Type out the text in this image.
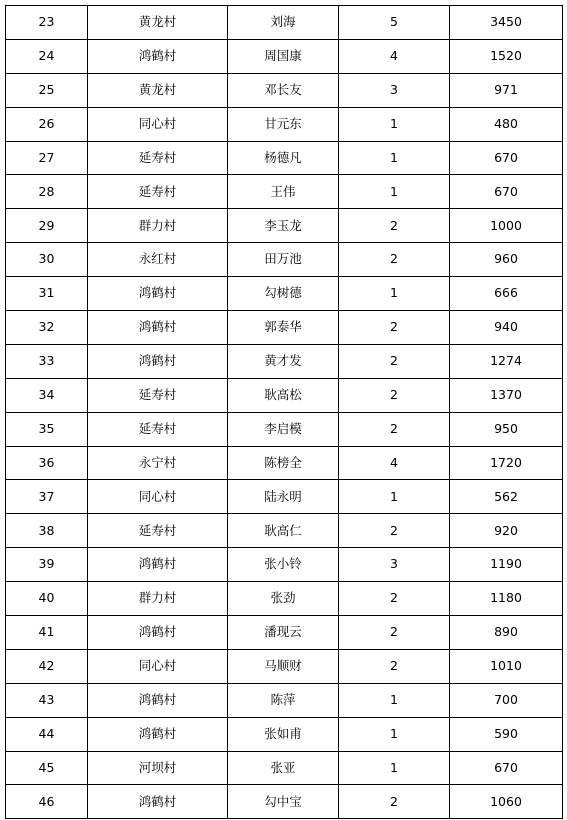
23	黄龙村	刘海	5	3450
24	鸿鹤村	周国康	4	1520
25	黄龙村	邓长友	3	971
26	同心村	甘元东	1	480
27	延寿村	杨德凡	1	670
28	延寿村	王伟	1	670
29	群力村	李玉龙	2	1000
30	永红村	田万池	2	960
31	鸿鹤村	勾树德	1	666
32	鸿鹤村	郭泰华	2	940
33	鸿鹤村	黄才发	2	1274
34	延寿村	耿高松	2	1370
35	延寿村	李启模	2	950
36	永宁村	陈榜全	4	1720
37	同心村	陆永明	1	562
38	延寿村	耿高仁	2	920
39	鸿鹤村	张小铃	3	1190
40	群力村	张劲	2	1180
41	鸿鹤村	潘现云	2	890
42	同心村	马顺财	2	1010
43	鸿鹤村	陈萍	1	700
44	鸿鹤村	张如甫	1	590
45	河坝村	张亚	1	670
46	鸿鹤村	勾中宝	2	1060
